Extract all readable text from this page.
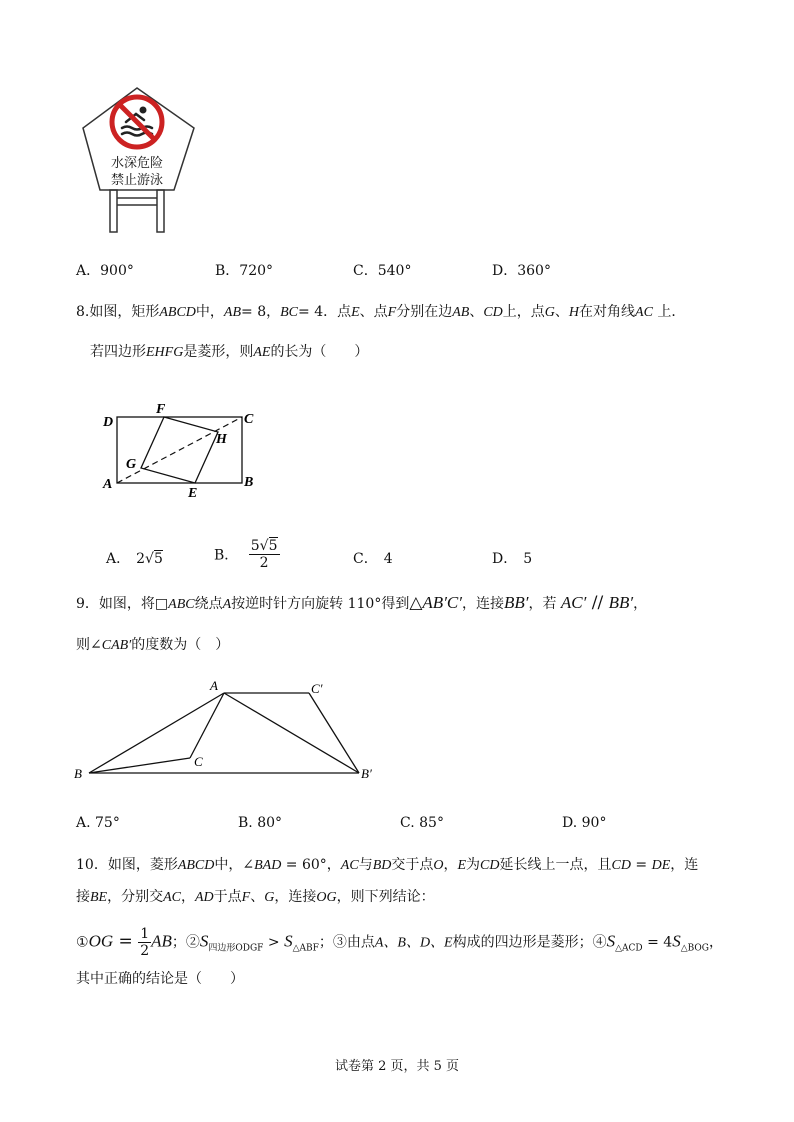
水深危险
禁止游泳
A．900°	B．720°	C．540°	D．360°
8.如图，矩形ABCD中，AB= 8，BC= 4．点E、点F分别在边AB、CD上，点G、H在对角线AC 上．
若四边形EHFG是菱形，则AE的长为（　　）
D	C
F
H
G
A	B
E
A． 2√5	B． $\frac{5√5}{2}$	C． 4	D． 5
9．如图，将□ABC绕点A按逆时针方向旋转 110°得到△AB′C′，连接BB′，若 AC′ // BB′，
则∠CAB′的度数为（　）
A	C′
C
B	B′
A. 75°	B. 80°	C. 85°	D. 90°
10．如图，菱形ABCD中，∠BAD = 60°，AC与BD交于点O，E为CD延长线上一点，且CD = DE，连
接BE，分别交AC，AD于点F、G，连接OG，则下列结论：
①OG = $\frac{1}{2}$ AB；$②S_{四边形ODGF} > S_{\triangle ABF}$；③由点A、B、D、E构成的四边形是菱形；$④S_{\triangle ACD} = 4S_{\triangle BOG}$，
其中正确的结论是（　　）
试卷第 2 页，共 5 页
